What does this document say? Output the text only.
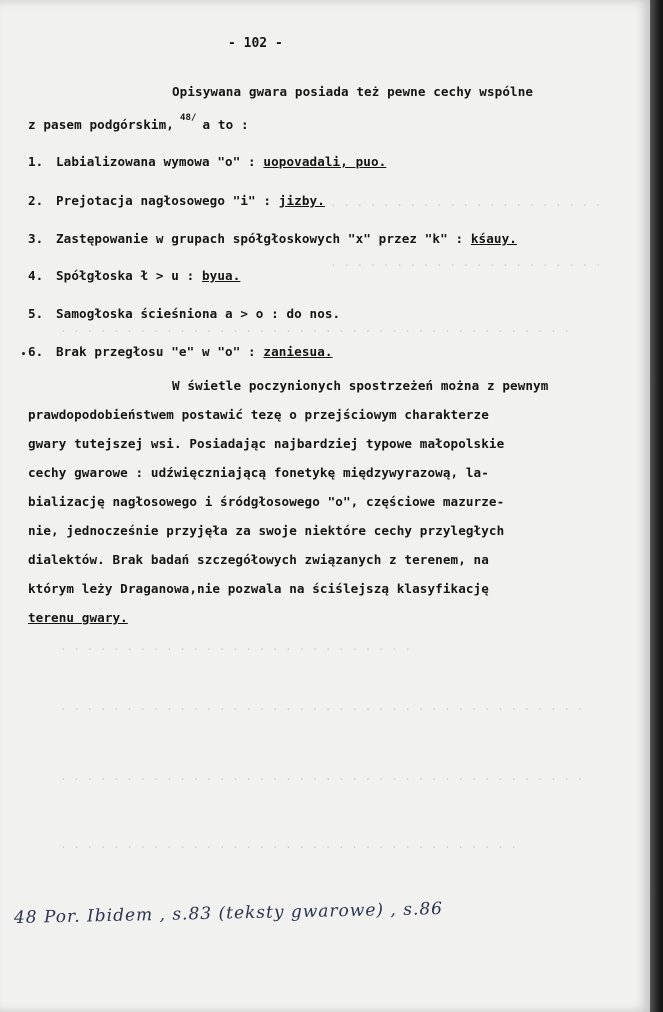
. . . . . . . . . . . . . . . . . . . . .
. . . . . . . . . . . . . . . . . . . . .
. . . . . . . . . . . . . . . . . . . . . . . . . . . . . . . . . . . . . . .
. . . . . . . . . . . . . . . . . . . . . . . . . . .
. . . . . . . . . . . . . . . . . . . . . . . . . . . . . . . . . . . . . . . .
. . . . . . . . . . . . . . . . . . . . . . . . . . . . . . . . . . . . . . . .
. . . . . . . . . . . . . . . . . . . . . . . . . . . . . . . . . . .
- 102 -
Opisywana gwara posiada też pewne cechy wspólne
z pasem podgórskim, $^{48/}$ a to :
1. Labializowana wymowa "o" : uopovadali, puo.
2. Prejotacja nagłosowego "i" : jizby.
3. Zastępowanie w grupach spółgłoskowych "x" przez "k" : kśauy.
4. Spółgłoska ł > u : byua.
5. Samogłoska ścieśniona a > o : do nos.
6. Brak przegłosu "e" w "o" : zaniesua.
W świetle poczynionych spostrzeżeń można z pewnym
prawdopodobieństwem postawić tezę o przejściowym charakterze
gwary tutejszej wsi. Posiadając najbardziej typowe małopolskie
cechy gwarowe : udźwięczniającą fonetykę międzywyrazową, la-
bializację nagłosowego i śródgłosowego "o", częściowe mazurze-
nie, jednocześnie przyjęła za swoje niektóre cechy przyległych
dialektów. Brak badań szczegółowych związanych z terenem, na
którym leży Draganowa,nie pozwala na ściślejszą klasyfikację
terenu gwary.
48 Por. Ibidem , s.83 (teksty gwarowe) , s.86
